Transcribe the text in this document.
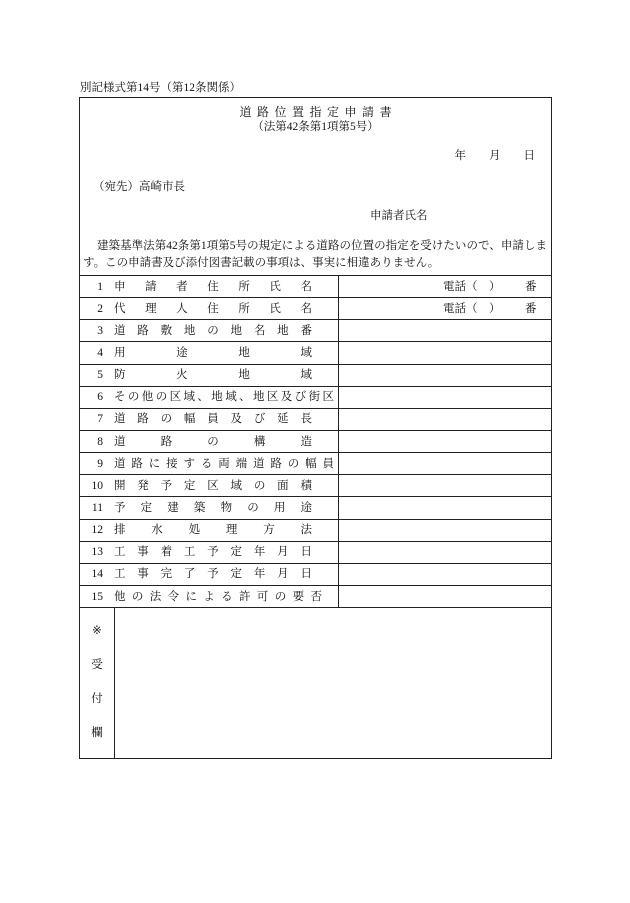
別記様式第14号（第12条関係）
道路位置指定申請書
（法第42条第1項第5号）
年　　月　　日
（宛先）高崎市長
申請者氏名
建築基準法第42条第1項第5号の規定による道路の位置の指定を受けたいので、申請しま
す。この申請書及び添付図書記載の事項は、事実に相違ありません。
1 申請者住所氏名	電話（　） 番
2 代理人住所氏名	電話（　） 番
3 道路敷地の地名地番
4 用途地域
5 防火地域
6 その他の区域、地域、地区及び街区
7 道路の幅員及び延長
8 道路の構造
9 道路に接する両端道路の幅員
10 開発予定区域の面積
11 予定建築物の用途
12 排水処理方法
13 工事着工予定年月日
14 工事完了予定年月日
15 他の法令による許可の要否
※
受
付
欄
